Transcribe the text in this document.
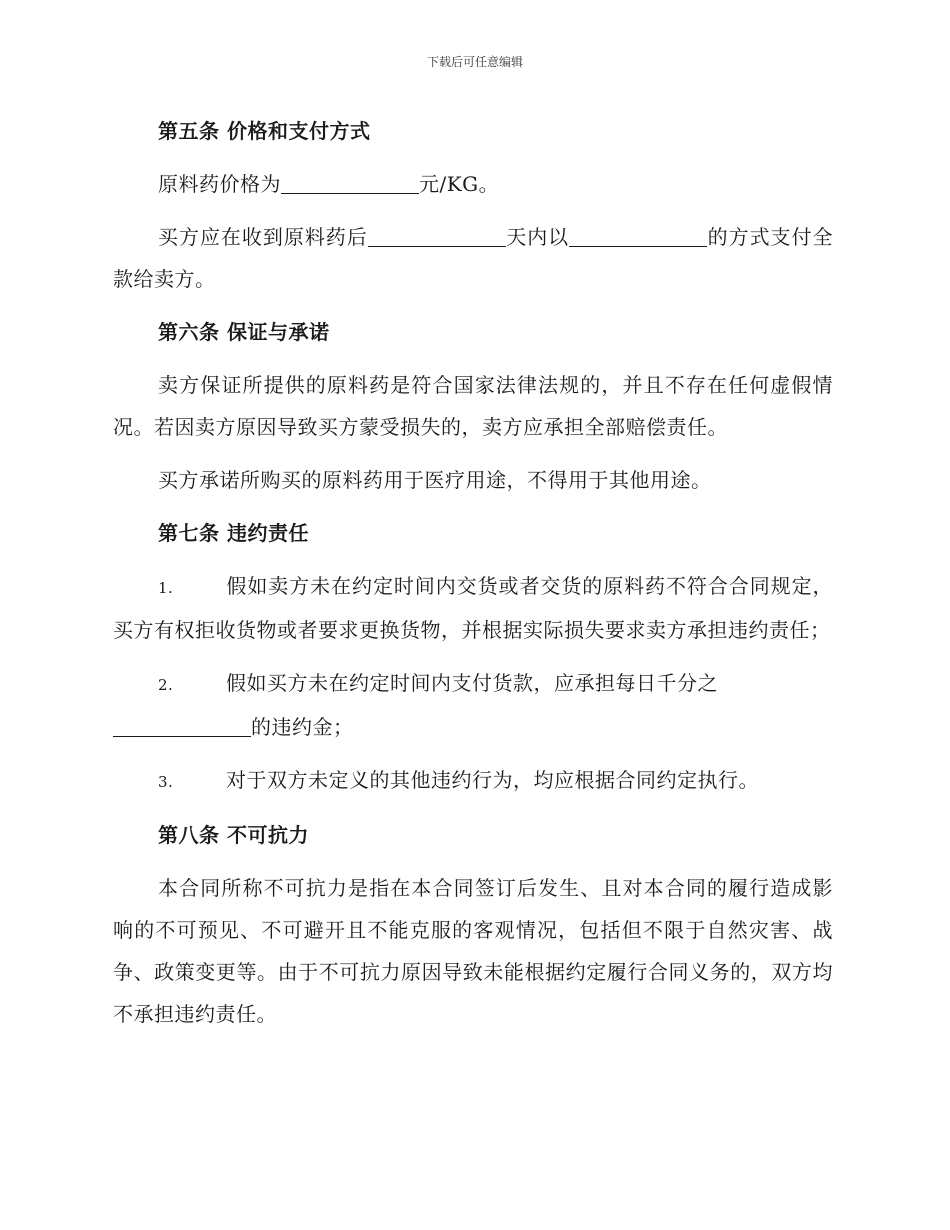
下载后可任意编辑
第五条 价格和支付方式

原料药价格为	元/KG。

买方应在收到原料药后	天内以	的方式支付全款给卖方。

第六条 保证与承诺

卖方保证所提供的原料药是符合国家法律法规的，并且不存在任何虚假情况。若因卖方原因导致买方蒙受损失的，卖方应承担全部赔偿责任。

买方承诺所购买的原料药用于医疗用途，不得用于其他用途。

第七条 违约责任

1.	假如卖方未在约定时间内交货或者交货的原料药不符合合同规定，买方有权拒收货物或者要求更换货物，并根据实际损失要求卖方承担违约责任；

2.	假如买方未在约定时间内支付货款，应承担每日千分之
的违约金；

3.	对于双方未定义的其他违约行为，均应根据合同约定执行。

第八条 不可抗力

本合同所称不可抗力是指在本合同签订后发生、且对本合同的履行造成影响的不可预见、不可避开且不能克服的客观情况，包括但不限于自然灾害、战争、政策变更等。由于不可抗力原因导致未能根据约定履行合同义务的，双方均不承担违约责任。
